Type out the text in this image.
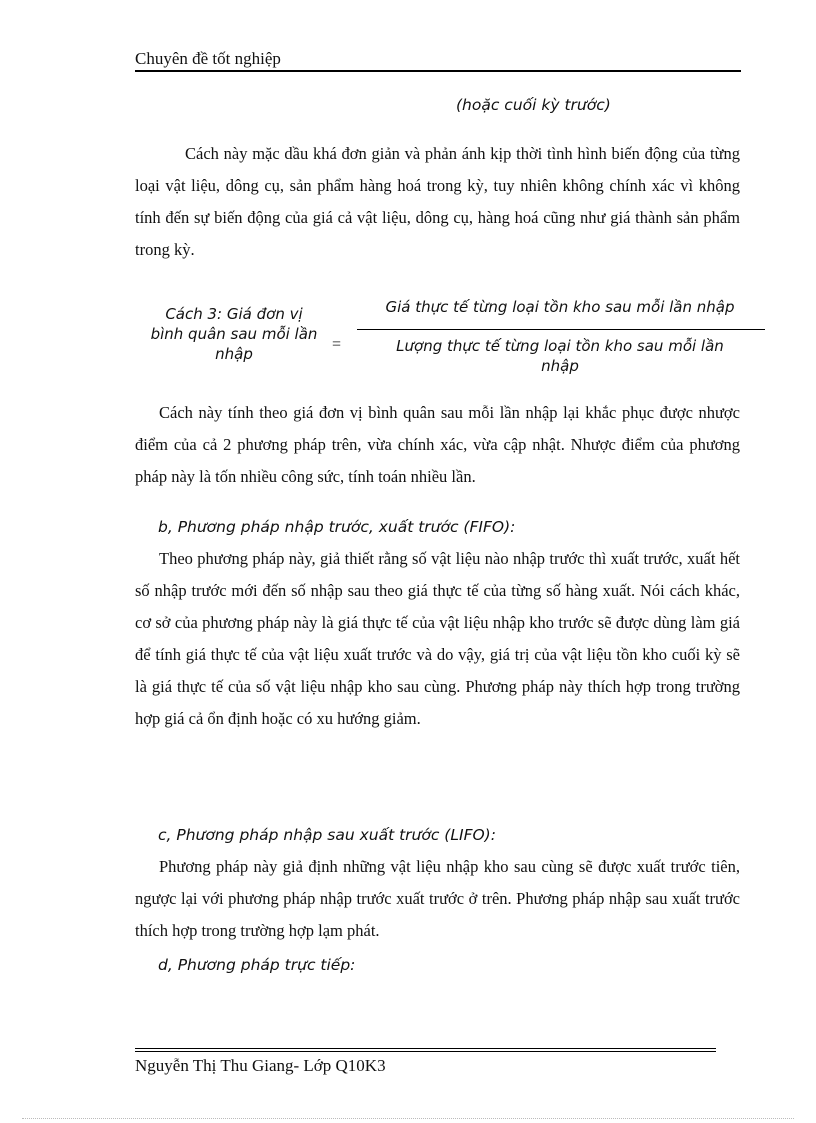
Chuyên đề tốt nghiệp
(hoặc cuối kỳ trước)

Cách này mặc dầu khá đơn giản và phản ánh kịp thời tình hình biến động của từng loại vật liệu, dông cụ, sản phẩm hàng hoá trong kỳ, tuy nhiên không chính xác vì không tính đến sự biến động của giá cả vật liệu, dông cụ, hàng hoá cũng như giá thành sản phẩm trong kỳ.

Cách 3: Giá đơn vị
bình quân sau mỗi lần
nhập
=
Giá thực tế từng loại tồn kho sau mỗi lần nhập
Lượng thực tế từng loại tồn kho sau mỗi lần
nhập

Cách này tính theo giá đơn vị bình quân sau mỗi lần nhập lại khắc phục được nhược điểm của cả 2 phương pháp trên, vừa chính xác, vừa cập nhật. Nhược điểm của phương pháp này là tốn nhiều công sức, tính toán nhiều lần.

b, Phương pháp nhập trước, xuất trước (FIFO):

Theo phương pháp này, giả thiết rằng số vật liệu nào nhập trước thì xuất trước, xuất hết số nhập trước mới đến số nhập sau theo giá thực tế của từng số hàng xuất. Nói cách khác, cơ sở của phương pháp này là giá thực tế của vật liệu nhập kho trước sẽ được dùng làm giá để tính giá thực tế của vật liệu xuất trước và do vậy, giá trị của vật liệu tồn kho cuối kỳ sẽ là giá thực tế của số vật liệu nhập kho sau cùng. Phương pháp này thích hợp trong trường hợp giá cả ổn định hoặc có xu hướng giảm.

c, Phương pháp nhập sau xuất trước (LIFO):

Phương pháp này giả định những vật liệu nhập kho sau cùng sẽ được xuất trước tiên, ngược lại với phương pháp nhập trước xuất trước ở trên. Phương pháp nhập sau xuất trước thích hợp trong trường hợp lạm phát.

d, Phương pháp trực tiếp:
Nguyễn Thị Thu Giang- Lớp Q10K3
